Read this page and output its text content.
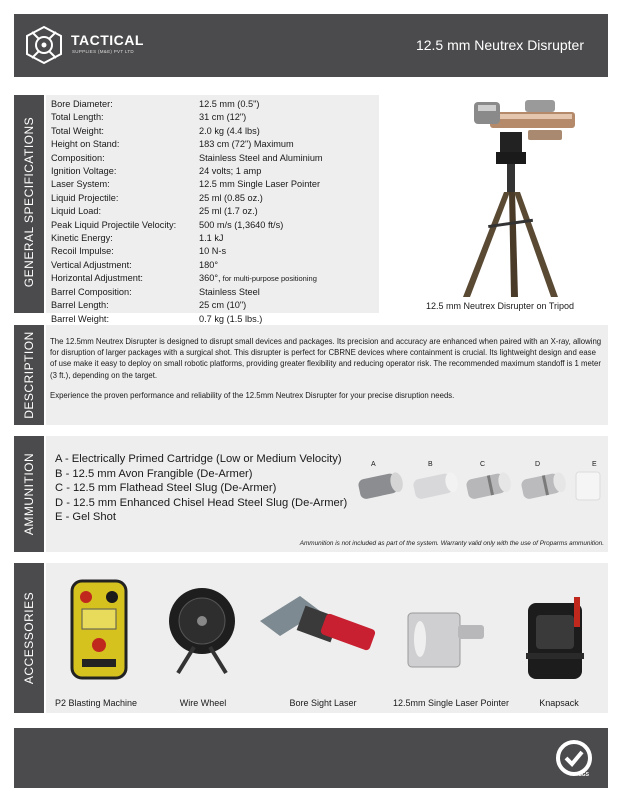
TACTICAL
SUPPLIES (M&E) PVT LTD	12.5 mm Neutrex Disrupter
GENERAL SPECIFICATIONS
Bore Diameter:	12.5 mm (0.5")
Total Length:	31 cm (12")
Total Weight:	2.0 kg (4.4 lbs)
Height on Stand:	183 cm (72") Maximum
Composition:	Stainless Steel and Aluminium
Ignition Voltage:	24 volts; 1 amp
Laser System:	12.5 mm Single Laser Pointer
Liquid Projectile:	25 ml (0.85 oz.)
Liquid Load:	25 ml (1.7 oz.)
Peak Liquid Projectile Velocity:	500 m/s (1,3640 ft/s)
Kinetic Energy:	1.1 kJ
Recoil Impulse:	10 N-s
Vertical Adjustment:	180°
Horizontal Adjustment:	360°, for multi-purpose positioning
Barrel Composition:	Stainless Steel
Barrel Length:	25 cm (10")
Barrel Weight:	0.7 kg (1.5 lbs.)
12.5 mm Neutrex Disrupter on Tripod
DESCRIPTION The 12.5mm Neutrex Disrupter is designed to disrupt small devices and packages. Its precision and accuracy are enhanced when paired with an X-ray, allowing for disruption of larger packages with a surgical shot. This disrupter is perfect for CBRNE devices where containment is crucial. Its lightweight design and ease of use make it easy to deploy on small robotic platforms, providing greater flexibility and reducing operator risk. The recommended maximum standoff is 1 meter (3 ft.), depending on the target.
Experience the proven performance and reliability of the 12.5mm Neutrex Disrupter for your precise disruption needs.
AMMUNITION A - Electrically Primed Cartridge (Low or Medium Velocity)
B - 12.5 mm Avon Frangible (De-Armer)
C - 12.5 mm Flathead Steel Slug (De-Armer)
D - 12.5 mm Enhanced Chisel Head Steel Slug (De-Armer)
E - Gel Shot
A	B	C	D	E
Ammunition is not included as part of the system. Warranty valid only with the use of Proparms ammunition.
ACCESSORIES
P2 Blasting Machine	Wire Wheel	Bore Sight Laser	12.5mm Single Laser Pointer	Knapsack
SGS
